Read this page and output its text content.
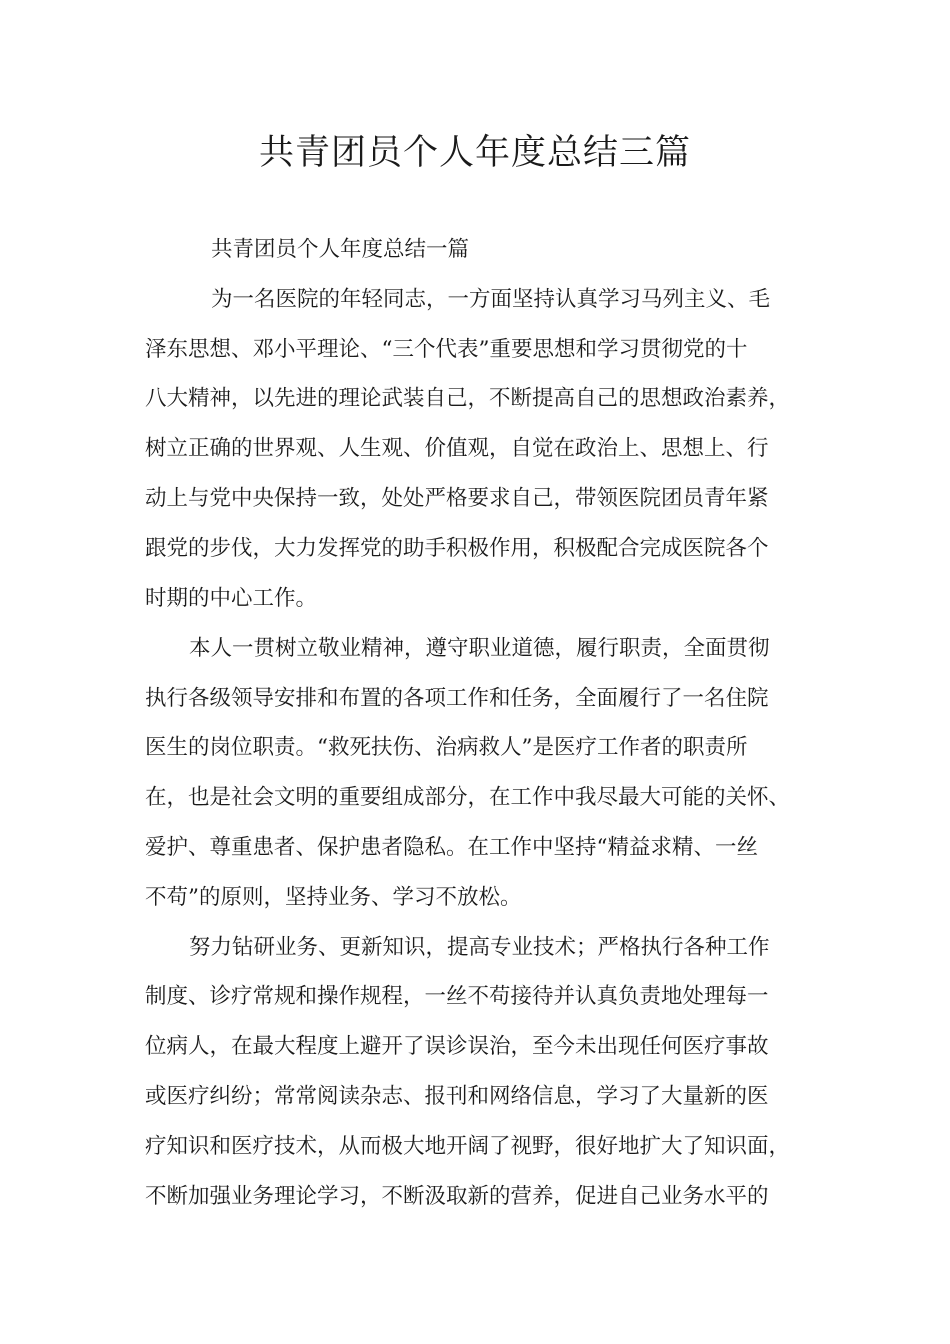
共青团员个人年度总结三篇
共青团员个人年度总结一篇
为一名医院的年轻同志，一方面坚持认真学习马列主义、毛
泽东思想、邓小平理论、“三个代表”重要思想和学习贯彻党的十
八大精神，以先进的理论武装自己，不断提高自己的思想政治素养，
树立正确的世界观、人生观、价值观，自觉在政治上、思想上、行
动上与党中央保持一致，处处严格要求自己，带领医院团员青年紧
跟党的步伐，大力发挥党的助手积极作用，积极配合完成医院各个
时期的中心工作。
本人一贯树立敬业精神，遵守职业道德，履行职责，全面贯彻
执行各级领导安排和布置的各项工作和任务，全面履行了一名住院
医生的岗位职责。“救死扶伤、治病救人”是医疗工作者的职责所
在，也是社会文明的重要组成部分，在工作中我尽最大可能的关怀、
爱护、尊重患者、保护患者隐私。在工作中坚持“精益求精、一丝
不苟”的原则，坚持业务、学习不放松。
努力钻研业务、更新知识，提高专业技术；严格执行各种工作
制度、诊疗常规和操作规程，一丝不苟接待并认真负责地处理每一
位病人，在最大程度上避开了误诊误治，至今未出现任何医疗事故
或医疗纠纷；常常阅读杂志、报刊和网络信息，学习了大量新的医
疗知识和医疗技术，从而极大地开阔了视野，很好地扩大了知识面，
不断加强业务理论学习，不断汲取新的营养，促进自己业务水平的
